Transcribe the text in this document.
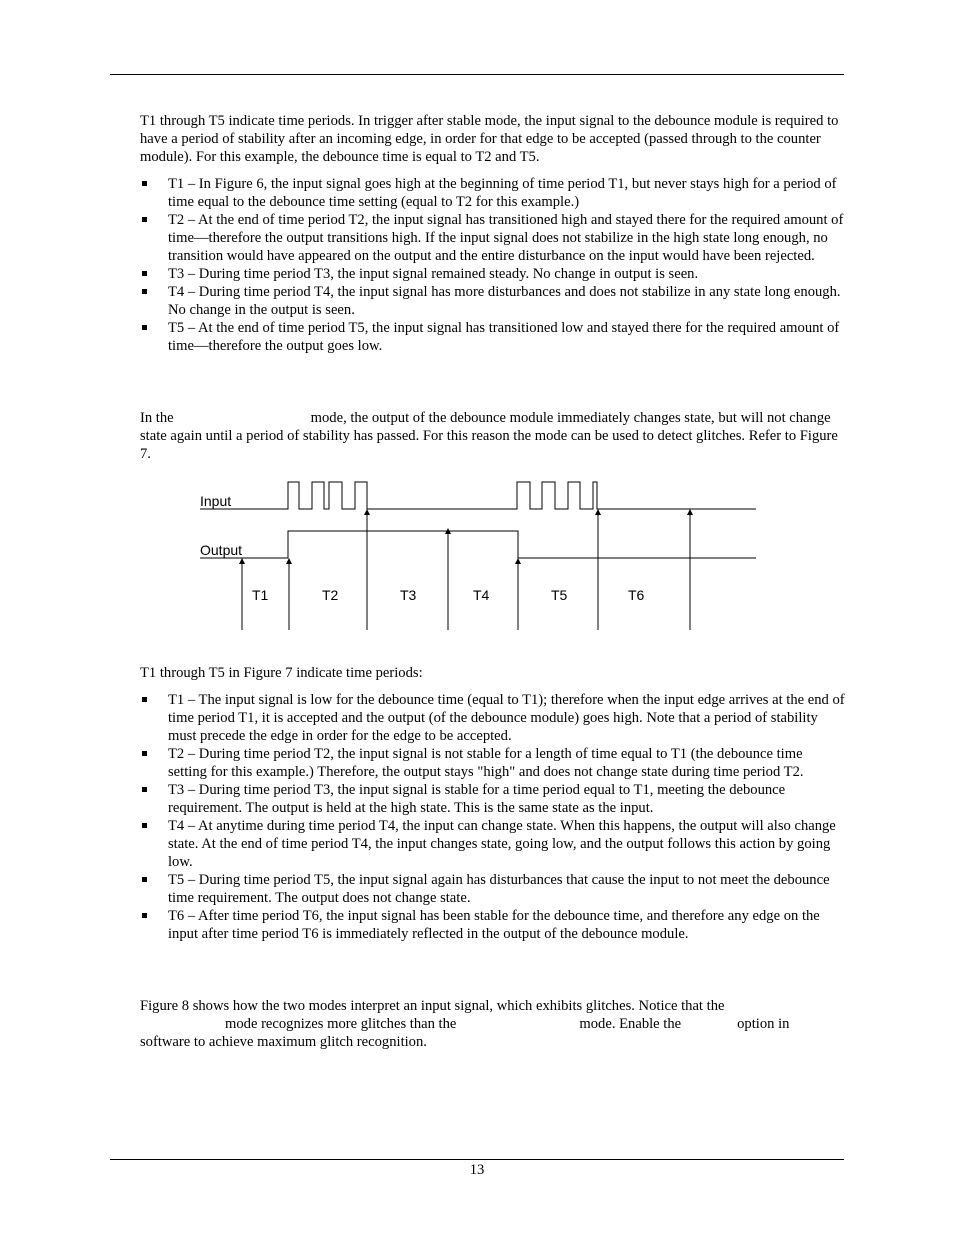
T1 through T5 indicate time periods. In trigger after stable mode, the input signal to the debounce module is required to have a period of stability after an incoming edge, in order for that edge to be accepted (passed through to the counter module). For this example, the debounce time is equal to T2 and T5.

T1 – In Figure 6, the input signal goes high at the beginning of time period T1, but never stays high for a period of time equal to the debounce time setting (equal to T2 for this example.)
T2 – At the end of time period T2, the input signal has transitioned high and stayed there for the required amount of time—therefore the output transitions high. If the input signal does not stabilize in the high state long enough, no transition would have appeared on the output and the entire disturbance on the input would have been rejected.
T3 – During time period T3, the input signal remained steady. No change in output is seen.
T4 – During time period T4, the input signal has more disturbances and does not stabilize in any state long enough. No change in the output is seen.
T5 – At the end of time period T5, the input signal has transitioned low and stayed there for the required amount of time—therefore the output goes low.

In the	mode, the output of the debounce module immediately changes state, but will not change state again until a period of stability has passed. For this reason the mode can be used to detect glitches. Refer to Figure 7.

Input
Output
T1	T2	T3	T4	T5	T6

T1 through T5 in Figure 7 indicate time periods:

T1 – The input signal is low for the debounce time (equal to T1); therefore when the input edge arrives at the end of time period T1, it is accepted and the output (of the debounce module) goes high. Note that a period of stability must precede the edge in order for the edge to be accepted.
T2 – During time period T2, the input signal is not stable for a length of time equal to T1 (the debounce time setting for this example.) Therefore, the output stays "high" and does not change state during time period T2.
T3 – During time period T3, the input signal is stable for a time period equal to T1, meeting the debounce requirement. The output is held at the high state. This is the same state as the input.
T4 – At anytime during time period T4, the input can change state. When this happens, the output will also change state. At the end of time period T4, the input changes state, going low, and the output follows this action by going low.
T5 – During time period T5, the input signal again has disturbances that cause the input to not meet the debounce time requirement. The output does not change state.
T6 – After time period T6, the input signal has been stable for the debounce time, and therefore any edge on the input after time period T6 is immediately reflected in the output of the debounce module.

Figure 8 shows how the two modes interpret an input signal, which exhibits glitches. Notice that the
mode recognizes more glitches than the	mode. Enable the	option in software to achieve maximum glitch recognition.

13
